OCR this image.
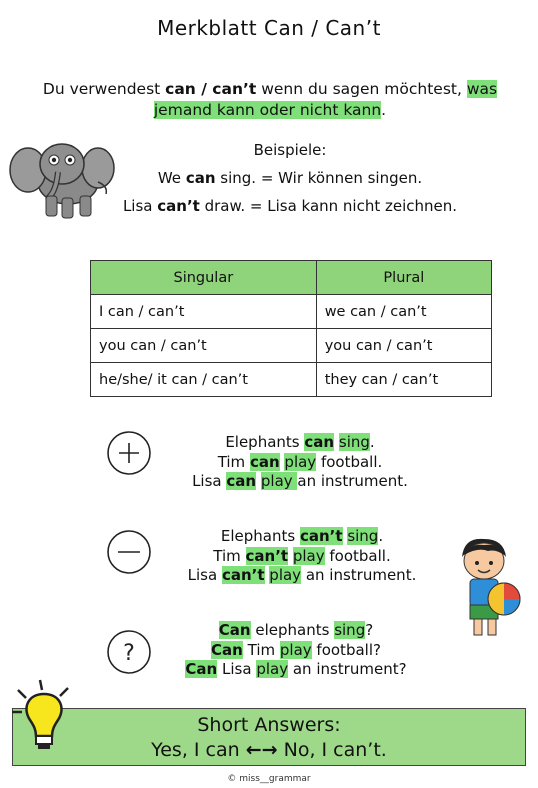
Merkblatt Can / Can’t
Du verwendest can / can’t wenn du sagen möchtest, was
jemand kann oder nicht kann.
Beispiele:
We can sing. = Wir können singen.
Lisa can’t draw. = Lisa kann nicht zeichnen.
Singular	Plural
I can / can’t	we can / can’t
you can / can’t	you can / can’t
he/she/ it can / can’t	they can / can’t
Elephants can sing.
Tim can play football.
Lisa can play an instrument.
Elephants can’t sing.
Tim can’t play football.
Lisa can’t play an instrument.
?
Can elephants sing?
Can Tim play football?
Can Lisa play an instrument?
Short Answers:
Yes, I can ←→ No, I can’t.
© miss__grammar
